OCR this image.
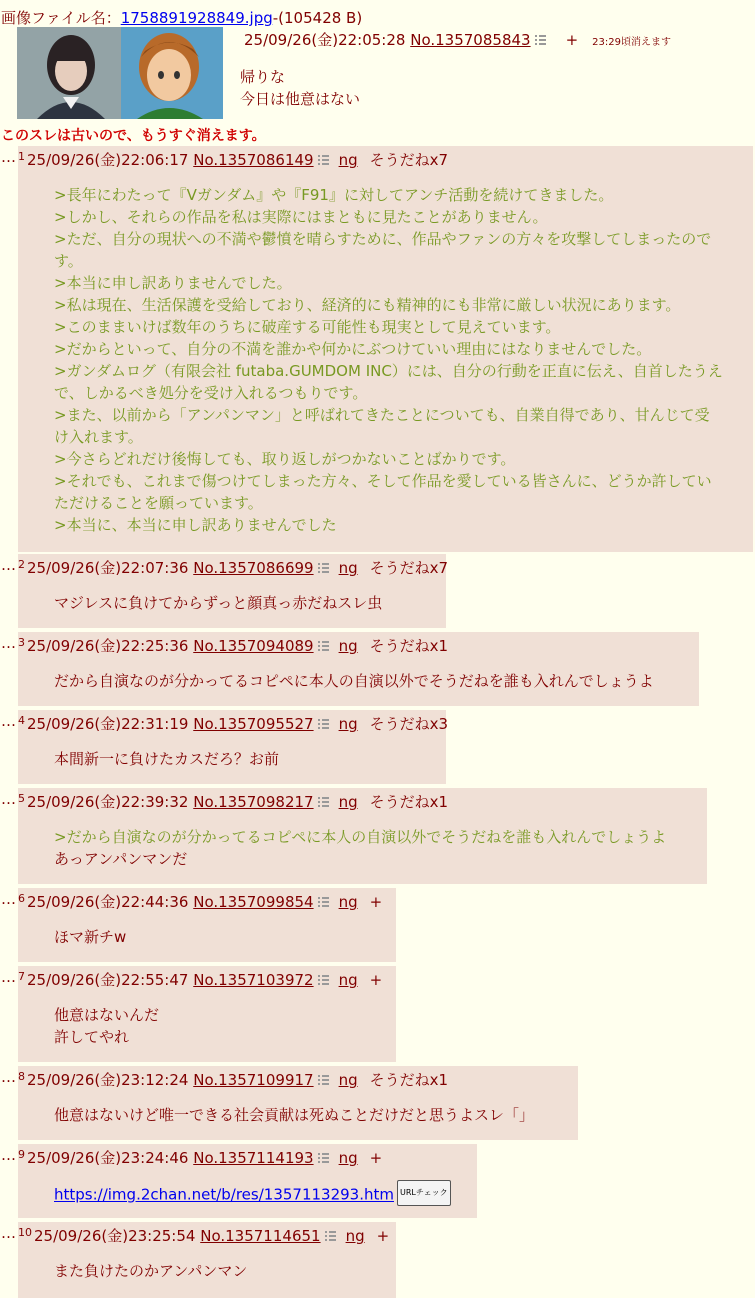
画像ファイル名：1758891928849.jpg-(105428 B)
25/09/26(金)22:05:28 No.1357085843 + 23:29頃消えます
帰りな
今日は他意はない
このスレは古いので、もうすぐ消えます。
… $^1$ 25/09/26(金)22:06:17 No.1357086149 ng そうだねx7
>長年にわたって『Vガンダム』や『F91』に対してアンチ活動を続けてきました。
>しかし、それらの作品を私は実際にはまともに見たことがありません。
>ただ、自分の現状への不満や鬱憤を晴らすために、作品やファンの方々を攻撃してしまったので
す。
>本当に申し訳ありませんでした。
>私は現在、生活保護を受給しており、経済的にも精神的にも非常に厳しい状況にあります。
>このままいけば数年のうちに破産する可能性も現実として見えています。
>だからといって、自分の不満を誰かや何かにぶつけていい理由にはなりませんでした。
>ガンダムログ（有限会社 futaba.GUMDOM INC）には、自分の行動を正直に伝え、自首したうえ
で、しかるべき処分を受け入れるつもりです。
>また、以前から「アンパンマン」と呼ばれてきたことについても、自業自得であり、甘んじて受
け入れます。
>今さらどれだけ後悔しても、取り返しがつかないことばかりです。
>それでも、これまで傷つけてしまった方々、そして作品を愛している皆さんに、どうか許してい
ただけることを願っています。
>本当に、本当に申し訳ありませんでした
… $^2$ 25/09/26(金)22:07:36 No.1357086699 ng そうだねx7
マジレスに負けてからずっと顔真っ赤だねスレ虫
… $^3$ 25/09/26(金)22:25:36 No.1357094089 ng そうだねx1
だから自演なのが分かってるコピペに本人の自演以外でそうだねを誰も入れんでしょうよ
… $^4$ 25/09/26(金)22:31:19 No.1357095527 ng そうだねx3
本間新一に負けたカスだろ？お前
… $^5$ 25/09/26(金)22:39:32 No.1357098217 ng そうだねx1
>だから自演なのが分かってるコピペに本人の自演以外でそうだねを誰も入れんでしょうよ
あっアンパンマンだ
… $^6$ 25/09/26(金)22:44:36 No.1357099854 ng +
ほマ新チw
… $^7$ 25/09/26(金)22:55:47 No.1357103972 ng +
他意はないんだ
許してやれ
… $^8$ 25/09/26(金)23:12:24 No.1357109917 ng そうだねx1
他意はないけど唯一できる社会貢献は死ぬことだけだと思うよスレ「」
… $^9$ 25/09/26(金)23:24:46 No.1357114193 ng +
https://img.2chan.net/b/res/1357113293.htm URLチェック
… $^{10}$ 25/09/26(金)23:25:54 No.1357114651 ng +
また負けたのかアンパンマン
